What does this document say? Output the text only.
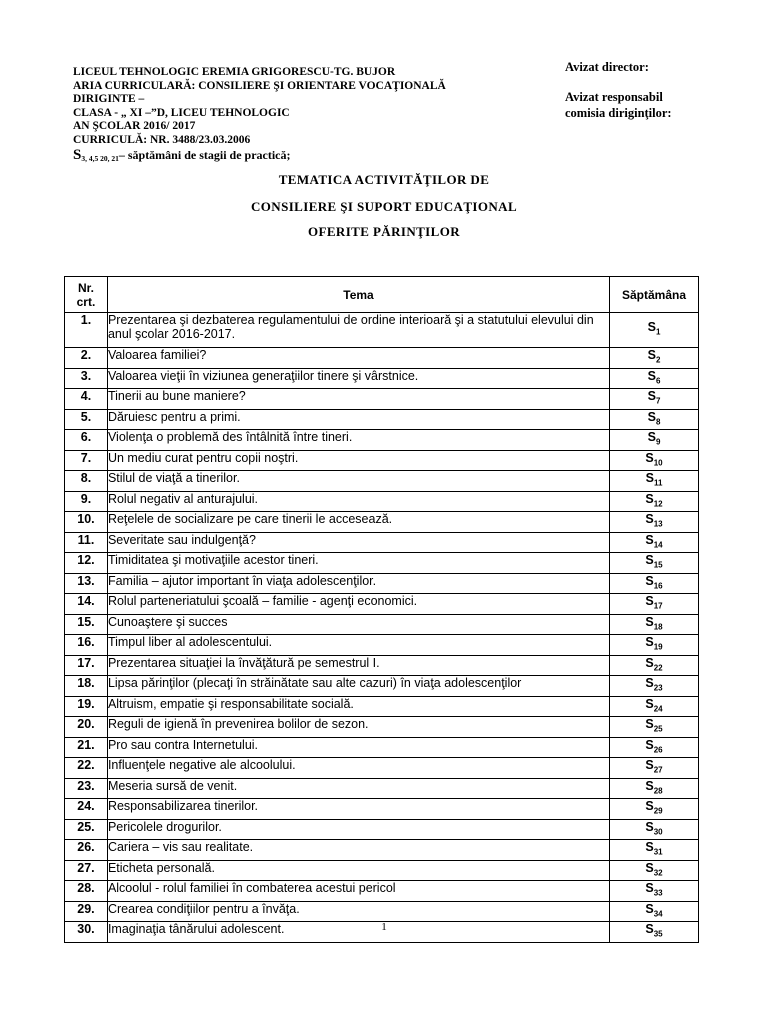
LICEUL TEHNOLOGIC EREMIA GRIGORESCU-TG. BUJOR
ARIA CURRICULARĂ: CONSILIERE ŞI ORIENTARE VOCAŢIONALĂ
DIRIGINTE –
CLASA - „ XI –”D, LICEU TEHNOLOGIC
AN ŞCOLAR 2016/ 2017
CURRICULĂ: NR. 3488/23.03.2006
$S_{3, 4,5 20, 21}-$ săptămâni de stagii de practică;
Avizat director:
Avizat responsabil
comisia diriginţilor:
TEMATICA ACTIVITĂŢILOR DE
CONSILIERE ŞI SUPORT EDUCAŢIONAL
OFERITE PĂRINŢILOR
Nr.
crt.	Tema	Săptămâna
1.	Prezentarea şi dezbaterea regulamentului de ordine interioară şi a statutului elevului din anul şcolar 2016-2017.	$S_1$
2.	Valoarea familiei?	$S_2$
3.	Valoarea vieţii în viziunea generaţiilor tinere şi vârstnice.	$S_6$
4.	Tinerii au bune maniere?	$S_7$
5.	Dăruiesc pentru a primi.	$S_8$
6.	Violenţa o problemă des întâlnită între tineri.	$S_9$
7.	Un mediu curat pentru copii noştri.	$S_{10}$
8.	Stilul de viaţă a tinerilor.	$S_{11}$
9.	Rolul negativ al anturajului.	$S_{12}$
10.	Reţelele de socializare pe care tinerii le accesează.	$S_{13}$
11.	Severitate sau indulgenţă?	$S_{14}$
12.	Timiditatea şi motivaţiile acestor tineri.	$S_{15}$
13.	Familia – ajutor important în viaţa adolescenţilor.	$S_{16}$
14.	Rolul parteneriatului şcoală – familie - agenţi economici.	$S_{17}$
15.	Cunoaştere şi succes	$S_{18}$
16.	Timpul liber al adolescentului.	$S_{19}$
17.	Prezentarea situaţiei la învăţătură pe semestrul I.	$S_{22}$
18.	Lipsa părinţilor (plecaţi în străinătate sau alte cazuri) în viaţa adolescenţilor	$S_{23}$
19.	Altruism, empatie şi responsabilitate socială.	$S_{24}$
20.	Reguli de igienă în prevenirea bolilor de sezon.	$S_{25}$
21.	Pro sau contra Internetului.	$S_{26}$
22.	Influenţele negative ale alcoolului.	$S_{27}$
23.	Meseria sursă de venit.	$S_{28}$
24.	Responsabilizarea tinerilor.	$S_{29}$
25.	Pericolele drogurilor.	$S_{30}$
26.	Cariera – vis sau realitate.	$S_{31}$
27.	Eticheta personală.	$S_{32}$
28.	Alcoolul - rolul familiei în combaterea acestui pericol	$S_{33}$
29.	Crearea condiţiilor pentru a învăţa.	$S_{34}$
30.	Imaginaţia tânărului adolescent.	$S_{35}$
1
